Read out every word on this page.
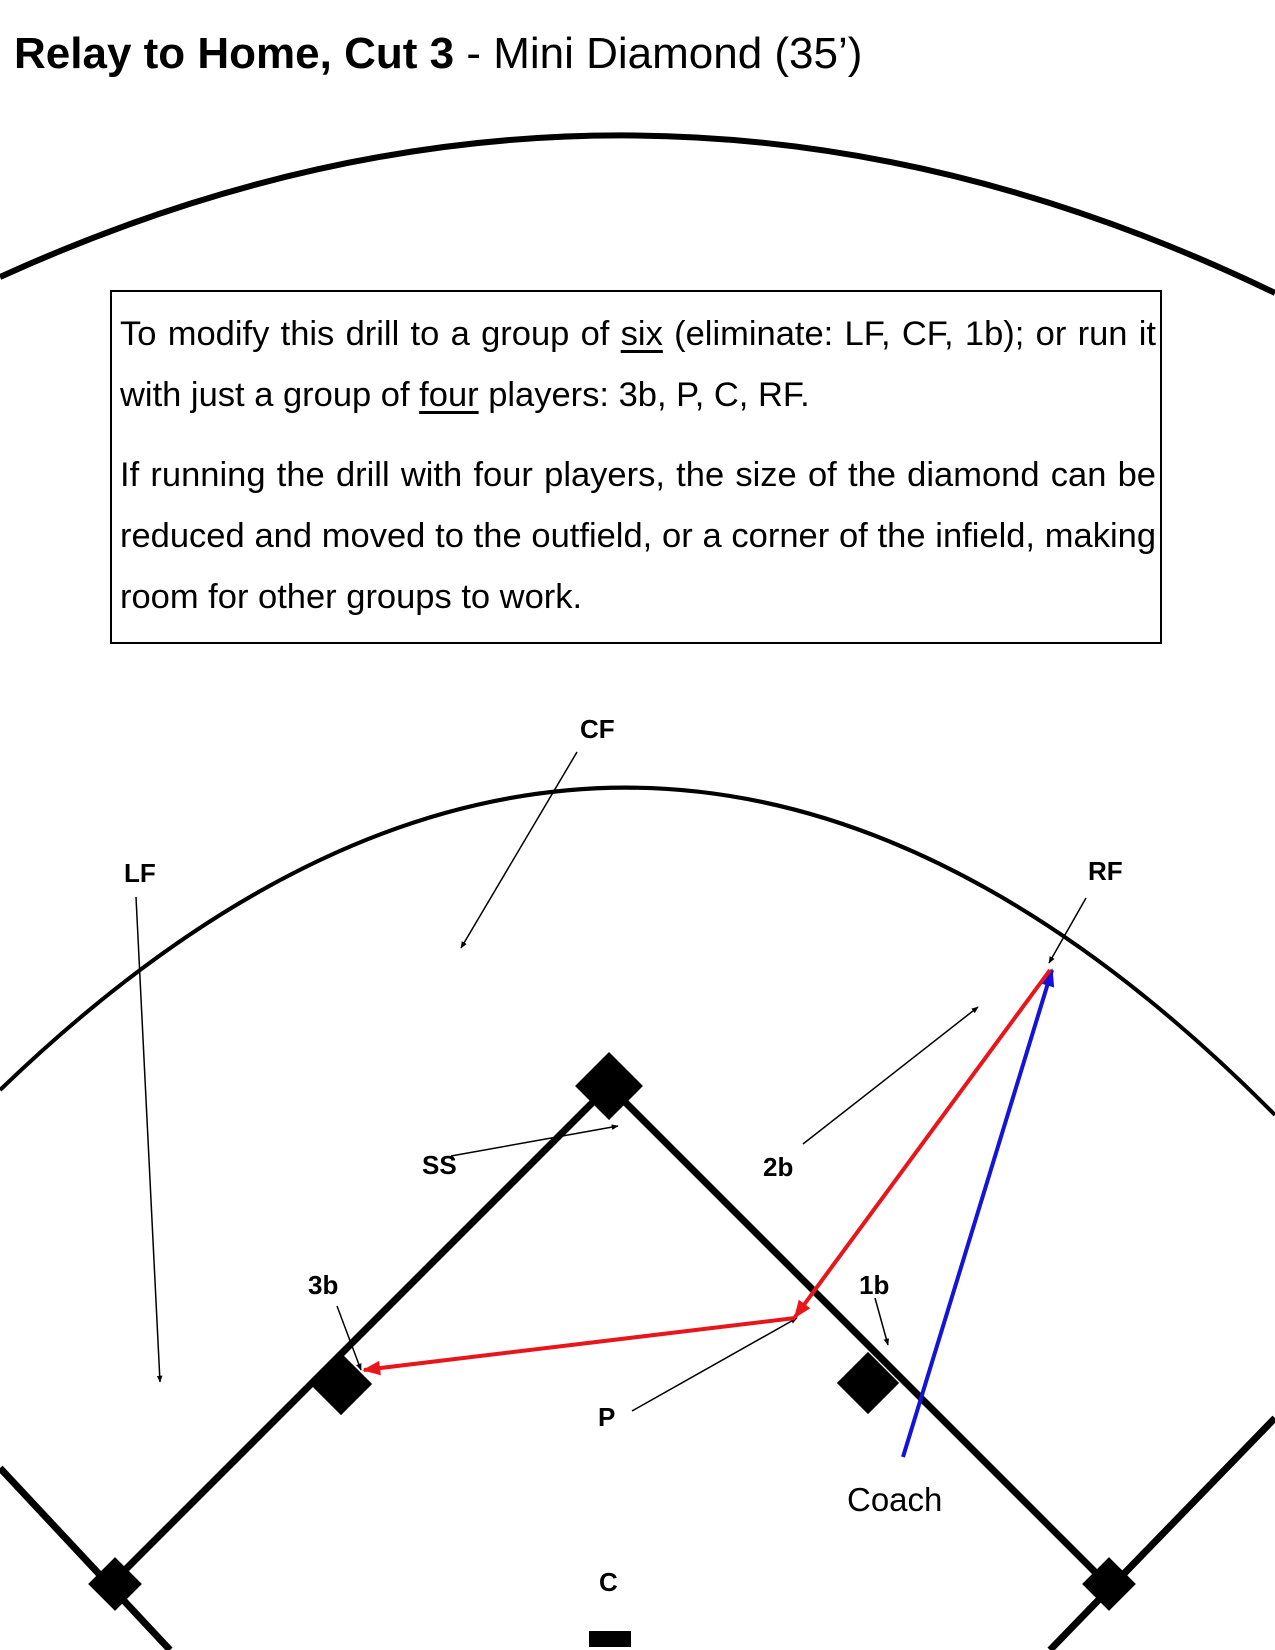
Relay to Home, Cut 3 - Mini Diamond (35’)
CF
LF	RF
SS	2b
3b	1b
P
C
Coach

To modify this drill to a group of six (eliminate: LF, CF, 1b); or run it with just a group of four players: 3b, P, C, RF.

If running the drill with four players, the size of the diamond can be reduced and moved to the outfield, or a corner of the infield, making room for other groups to work.
